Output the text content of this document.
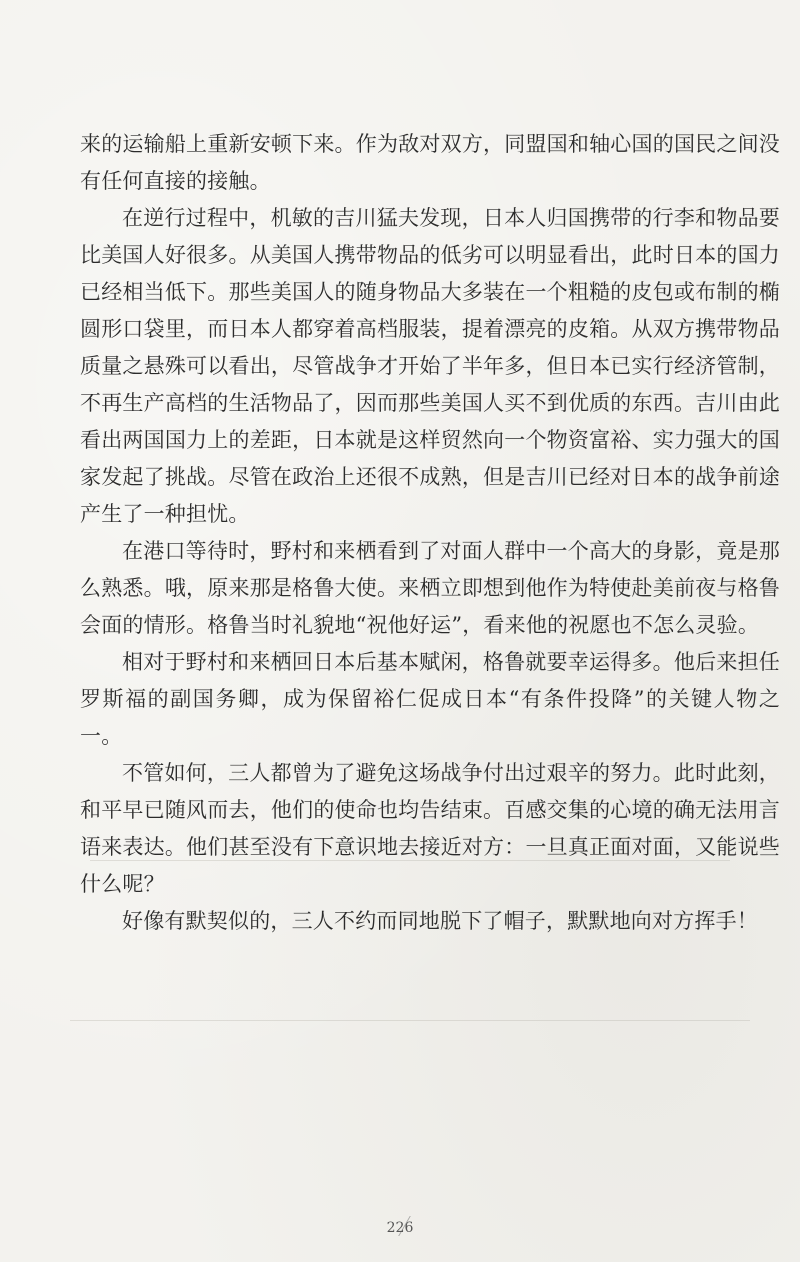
来的运输船上重新安顿下来。作为敌对双方，同盟国和轴心国的国民之间没有任何直接的接触。

在逆行过程中，机敏的吉川猛夫发现，日本人归国携带的行李和物品要比美国人好很多。从美国人携带物品的低劣可以明显看出，此时日本的国力已经相当低下。那些美国人的随身物品大多装在一个粗糙的皮包或布制的椭圆形口袋里，而日本人都穿着高档服装，提着漂亮的皮箱。从双方携带物品质量之悬殊可以看出，尽管战争才开始了半年多，但日本已实行经济管制，不再生产高档的生活物品了，因而那些美国人买不到优质的东西。吉川由此看出两国国力上的差距，日本就是这样贸然向一个物资富裕、实力强大的国家发起了挑战。尽管在政治上还很不成熟，但是吉川已经对日本的战争前途产生了一种担忧。

在港口等待时，野村和来栖看到了对面人群中一个高大的身影，竟是那么熟悉。哦，原来那是格鲁大使。来栖立即想到他作为特使赴美前夜与格鲁会面的情形。格鲁当时礼貌地“祝他好运”，看来他的祝愿也不怎么灵验。

相对于野村和来栖回日本后基本赋闲，格鲁就要幸运得多。他后来担任罗斯福的副国务卿，成为保留裕仁促成日本“有条件投降”的关键人物之一。

不管如何，三人都曾为了避免这场战争付出过艰辛的努力。此时此刻，和平早已随风而去，他们的使命也均告结束。百感交集的心境的确无法用言语来表达。他们甚至没有下意识地去接近对方：一旦真正面对面，又能说些什么呢？

好像有默契似的，三人不约而同地脱下了帽子，默默地向对方挥手！

226
